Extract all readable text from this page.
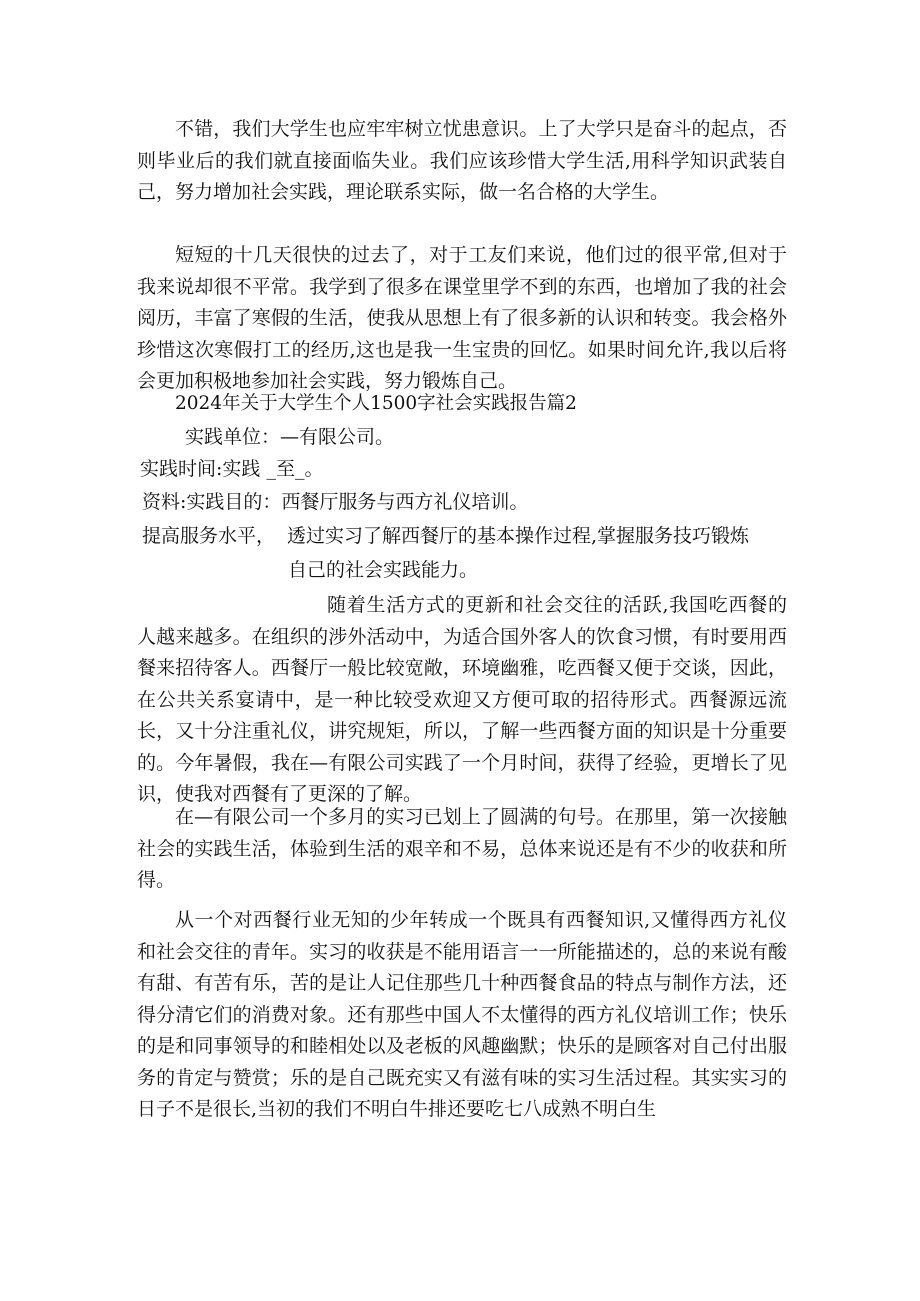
不错，我们大学生也应牢牢树立忧患意识。上了大学只是奋斗的起点，否则毕业后的我们就直接面临失业。我们应该珍惜大学生活,用科学知识武装自己，努力增加社会实践，理论联系实际，做一名合格的大学生。

短短的十几天很快的过去了，对于工友们来说，他们过的很平常,但对于我来说却很不平常。我学到了很多在课堂里学不到的东西，也增加了我的社会阅历，丰富了寒假的生活，使我从思想上有了很多新的认识和转变。我会格外珍惜这次寒假打工的经历,这也是我一生宝贵的回忆。如果时间允许,我以后将会更加积极地参加社会实践，努力锻炼自己。

2024年关于大学生个人1500字社会实践报告篇2

实践单位：—有限公司。

实践时间:实践 _至_。

资料:实践目的：西餐厅服务与西方礼仪培训。

提高服务水平， 透过实习了解西餐厅的基本操作过程,掌握服务技巧锻炼

自己的社会实践能力。

随着生活方式的更新和社会交往的活跃,我国吃西餐的人越来越多。在组织的涉外活动中，为适合国外客人的饮食习惯，有时要用西餐来招待客人。西餐厅一般比较宽敞，环境幽雅，吃西餐又便于交谈，因此，在公共关系宴请中，是一种比较受欢迎又方便可取的招待形式。西餐源远流长，又十分注重礼仪，讲究规矩，所以，了解一些西餐方面的知识是十分重要的。今年暑假，我在—有限公司实践了一个月时间，获得了经验，更增长了见识，使我对西餐有了更深的了解。

在—有限公司一个多月的实习已划上了圆满的句号。在那里，第一次接触社会的实践生活，体验到生活的艰辛和不易，总体来说还是有不少的收获和所得。

从一个对西餐行业无知的少年转成一个既具有西餐知识,又懂得西方礼仪和社会交往的青年。实习的收获是不能用语言一一所能描述的，总的来说有酸有甜、有苦有乐，苦的是让人记住那些几十种西餐食品的特点与制作方法，还得分清它们的消费对象。还有那些中国人不太懂得的西方礼仪培训工作；快乐的是和同事领导的和睦相处以及老板的风趣幽默；快乐的是顾客对自己付出服务的肯定与赞赏；乐的是自己既充实又有滋有味的实习生活过程。其实实习的日子不是很长,当初的我们不明白牛排还要吃七八成熟不明白生
